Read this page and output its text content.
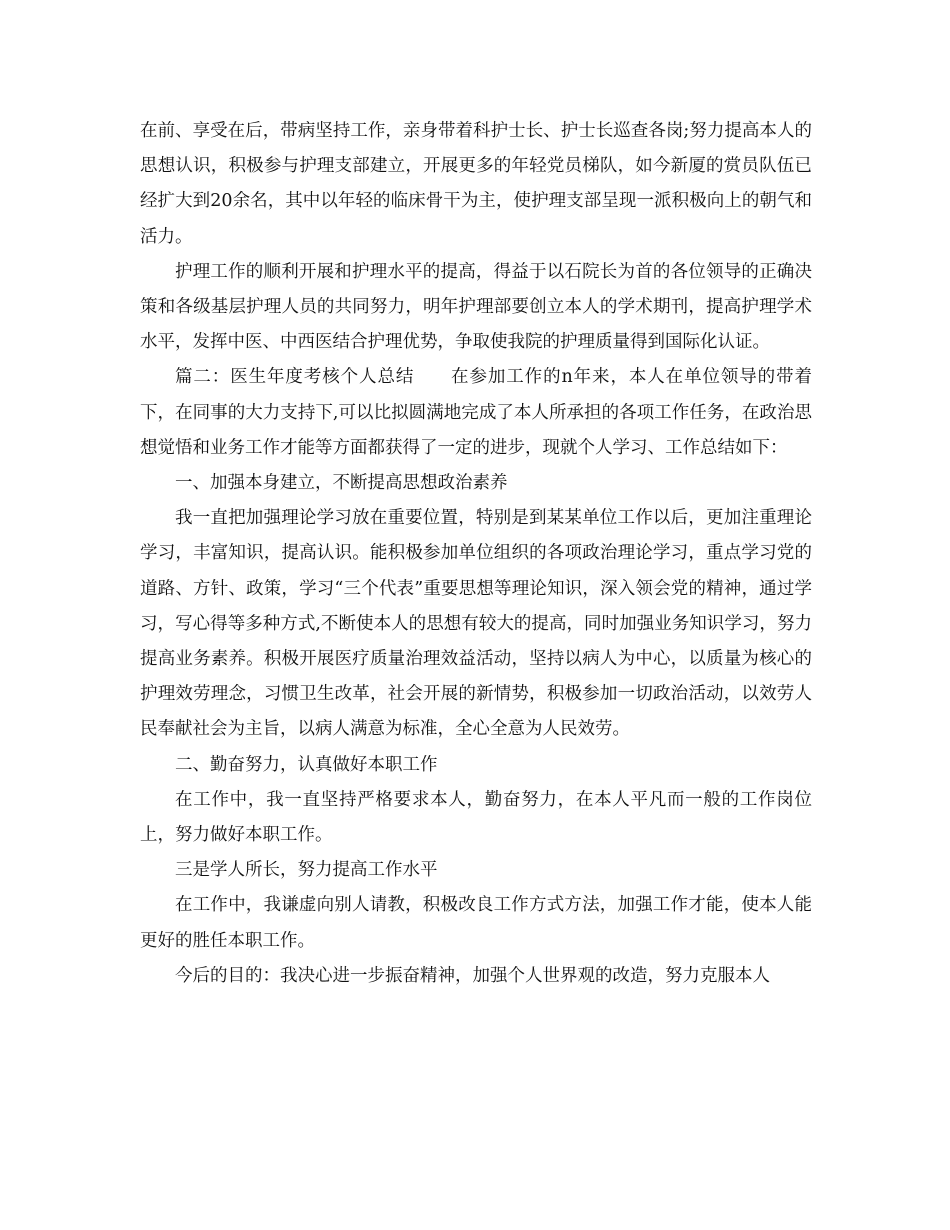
在前、享受在后，带病坚持工作，亲身带着科护士长、护士长巡查各岗;努力提高本人的思想认识，积极参与护理支部建立，开展更多的年轻党员梯队，如今新厦的赏员队伍已经扩大到20余名，其中以年轻的临床骨干为主，使护理支部呈现一派积极向上的朝气和活力。

护理工作的顺利开展和护理水平的提高，得益于以石院长为首的各位领导的正确决策和各级基层护理人员的共同努力，明年护理部要创立本人的学术期刊，提高护理学术水平，发挥中医、中西医结合护理优势，争取使我院的护理质量得到国际化认证。

篇二：医生年度考核个人总结　　在参加工作的n年来，本人在单位领导的带着下，在同事的大力支持下,可以比拟圆满地完成了本人所承担的各项工作任务，在政治思想觉悟和业务工作才能等方面都获得了一定的进步，现就个人学习、工作总结如下：

一、加强本身建立，不断提高思想政治素养

我一直把加强理论学习放在重要位置，特别是到某某单位工作以后，更加注重理论学习，丰富知识，提高认识。能积极参加单位组织的各项政治理论学习，重点学习党的道路、方针、政策，学习“三个代表”重要思想等理论知识，深入领会党的精神，通过学习，写心得等多种方式,不断使本人的思想有较大的提高，同时加强业务知识学习，努力提高业务素养。积极开展医疗质量治理效益活动，坚持以病人为中心，以质量为核心的护理效劳理念，习惯卫生改革，社会开展的新情势，积极参加一切政治活动，以效劳人民奉献社会为主旨，以病人满意为标准，全心全意为人民效劳。

二、勤奋努力，认真做好本职工作

在工作中，我一直坚持严格要求本人，勤奋努力，在本人平凡而一般的工作岗位上，努力做好本职工作。

三是学人所长，努力提高工作水平

在工作中，我谦虚向别人请教，积极改良工作方式方法，加强工作才能，使本人能更好的胜任本职工作。

今后的目的：我决心进一步振奋精神，加强个人世界观的改造，努力克服本人
